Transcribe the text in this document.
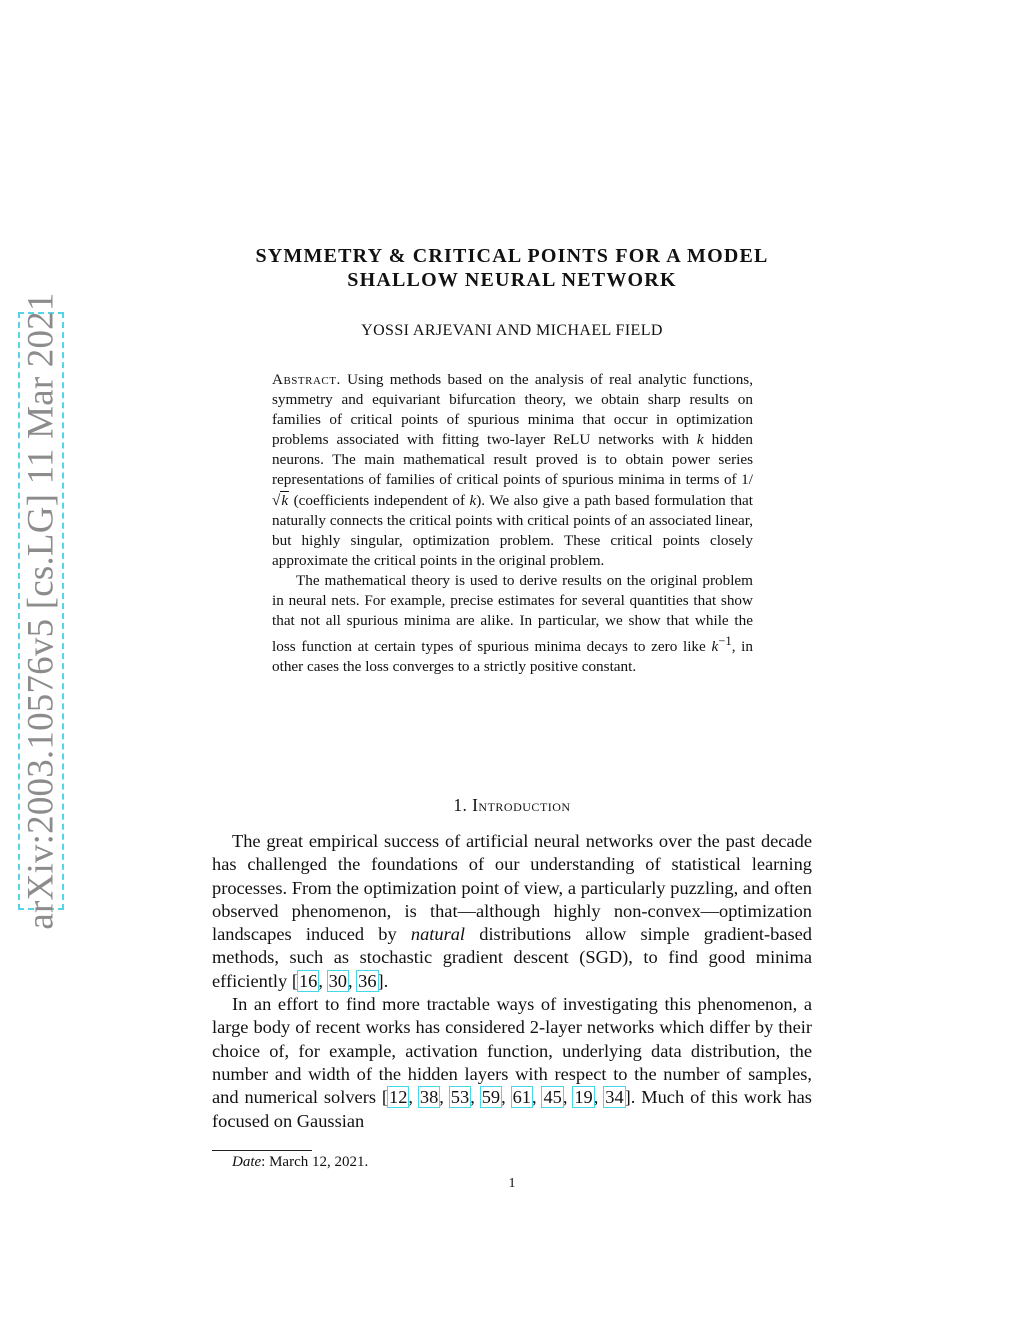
arXiv:2003.10576v5 [cs.LG] 11 Mar 2021
SYMMETRY & CRITICAL POINTS FOR A MODEL
SHALLOW NEURAL NETWORK
YOSSI ARJEVANI AND MICHAEL FIELD

Abstract. Using methods based on the analysis of real analytic functions, symmetry and equivariant bifurcation theory, we obtain sharp results on families of critical points of spurious minima that occur in optimization problems associated with fitting two-layer ReLU networks with k hidden neurons. The main mathematical result proved is to obtain power series representations of families of critical points of spurious minima in terms of 1/√k (coefficients independent of k). We also give a path based formulation that naturally connects the critical points with critical points of an associated linear, but highly singular, optimization problem. These critical points closely approximate the critical points in the original problem.

The mathematical theory is used to derive results on the original problem in neural nets. For example, precise estimates for several quantities that show that not all spurious minima are alike. In particular, we show that while the loss function at certain types of spurious minima decays to zero like $k^{-1}$, in other cases the loss converges to a strictly positive constant.

1. Introduction

The great empirical success of artificial neural networks over the past decade has challenged the foundations of our understanding of statistical learning processes. From the optimization point of view, a particularly puzzling, and often observed phenomenon, is that—although highly non-convex—optimization landscapes induced by natural distributions allow simple gradient-based methods, such as stochastic gradient descent (SGD), to find good minima efficiently [16, 30, 36].

In an effort to find more tractable ways of investigating this phenomenon, a large body of recent works has considered 2-layer networks which differ by their choice of, for example, activation function, underlying data distribution, the number and width of the hidden layers with respect to the number of samples, and numerical solvers [12, 38, 53, 59, 61, 45, 19, 34]. Much of this work has focused on Gaussian

Date: March 12, 2021.
1
